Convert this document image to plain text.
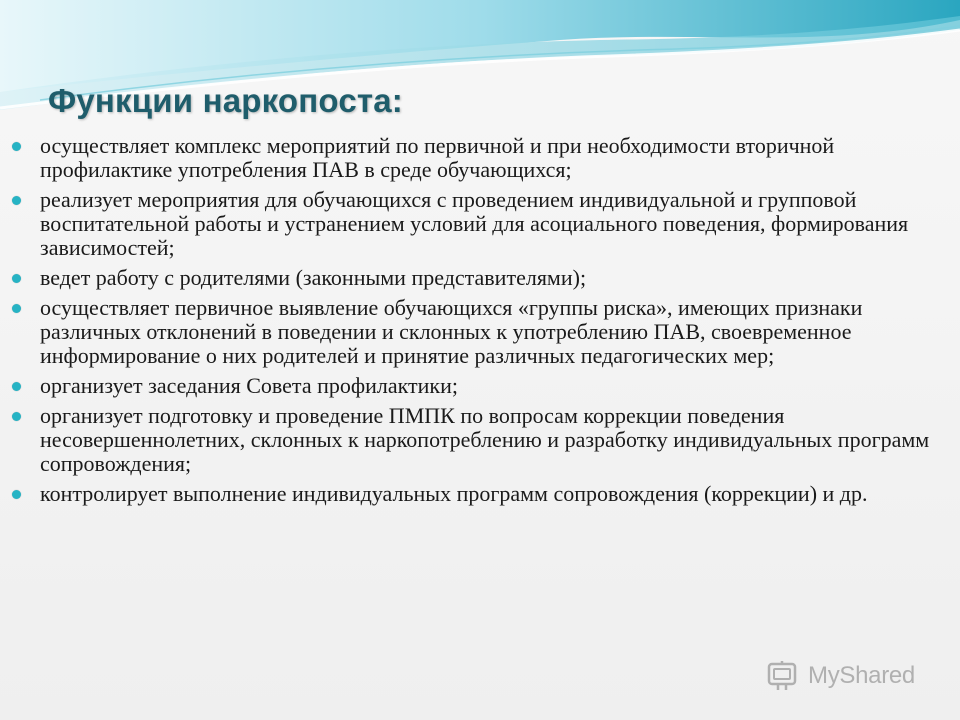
Функции наркопоста:
осуществляет комплекс мероприятий по первичной и при необходимости вторичной профилактике употребления ПАВ в среде обучающихся;
реализует мероприятия для обучающихся с проведением индивидуальной и групповой воспитательной работы и устранением условий для асоциального поведения, формирования зависимостей;
ведет работу с родителями (законными представителями);
осуществляет первичное выявление обучающихся «группы риска», имеющих признаки различных отклонений в поведении и склонных к употреблению ПАВ, своевременное информирование о них родителей и принятие различных педагогических мер;
организует заседания Совета профилактики;
организует подготовку и проведение ПМПК по вопросам коррекции поведения несовершеннолетних, склонных к наркопотреблению и разработку индивидуальных программ сопровождения;
контролирует выполнение индивидуальных программ сопровождения (коррекции) и др.
MyShared
